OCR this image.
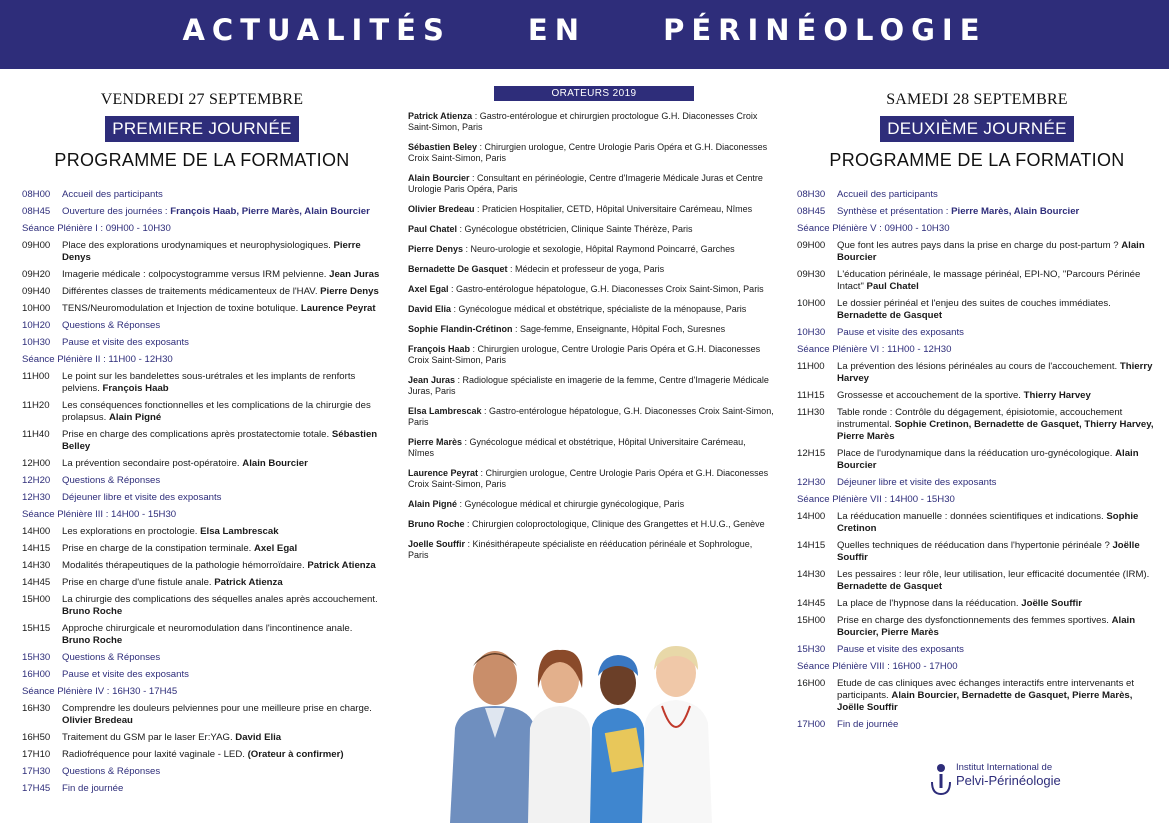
ACTUALITÉS EN PÉRINÉOLOGIE
VENDREDI 27 SEPTEMBRE
PREMIERE JOURNÉE
PROGRAMME DE LA FORMATION
08H00	Accueil des participants
08H45	Ouverture des journées : François Haab, Pierre Marès, Alain Bourcier
Séance Plénière I : 09H00 - 10H30
09H00	Place des explorations urodynamiques et neurophysiologiques. Pierre Denys
09H20	Imagerie médicale : colpocystogramme versus IRM pelvienne. Jean Juras
09H40	Différentes classes de traitements médicamenteux de l'HAV. Pierre Denys
10H00	TENS/Neuromodulation et Injection de toxine botulique. Laurence Peyrat
10H20	Questions & Réponses
10H30	Pause et visite des exposants
Séance Plénière II : 11H00 - 12H30
11H00	Le point sur les bandelettes sous-urétrales et les implants de renforts pelviens. François Haab
11H20	Les conséquences fonctionnelles et les complications de la chirurgie des prolapsus. Alain Pigné
11H40	Prise en charge des complications après prostatectomie totale. Sébastien Belley
12H00	La prévention secondaire post-opératoire. Alain Bourcier
12H20	Questions & Réponses
12H30	Déjeuner libre et visite des exposants
Séance Plénière III : 14H00 - 15H30
14H00	Les explorations en proctologie. Elsa Lambrescak
14H15	Prise en charge de la constipation terminale. Axel Egal
14H30	Modalités thérapeutiques de la pathologie hémorroïdaire. Patrick Atienza
14H45	Prise en charge d'une fistule anale. Patrick Atienza
15H00	La chirurgie des complications des séquelles anales après accouchement. Bruno Roche
15H15	Approche chirurgicale et neuromodulation dans l'incontinence anale. Bruno Roche
15H30	Questions & Réponses
16H00	Pause et visite des exposants
Séance Plénière IV : 16H30 - 17H45
16H30	Comprendre les douleurs pelviennes pour une meilleure prise en charge. Olivier Bredeau
16H50	Traitement du GSM par le laser Er:YAG. David Elia
17H10	Radiofréquence pour laxité vaginale - LED. (Orateur à confirmer)
17H30	Questions & Réponses
17H45	Fin de journée
ORATEURS 2019
Patrick Atienza : Gastro-entérologue et chirurgien proctologue G.H. Diaconesses Croix Saint-Simon, Paris
Sébastien Beley : Chirurgien urologue, Centre Urologie Paris Opéra et G.H. Diaconesses Croix Saint-Simon, Paris
Alain Bourcier : Consultant en périnéologie, Centre d'Imagerie Médicale Juras et Centre Urologie Paris Opéra, Paris
Olivier Bredeau : Praticien Hospitalier, CETD, Hôpital Universitaire Carémeau, Nîmes
Paul Chatel : Gynécologue obstétricien, Clinique Sainte Thérèze, Paris
Pierre Denys : Neuro-urologie et sexologie, Hôpital Raymond Poincarré, Garches
Bernadette De Gasquet : Médecin et professeur de yoga, Paris
Axel Egal : Gastro-entérologue hépatologue, G.H. Diaconesses Croix Saint-Simon, Paris
David Elia : Gynécologue médical et obstétrique, spécialiste de la ménopause, Paris
Sophie Flandin-Crétinon : Sage-femme, Enseignante, Hôpital Foch, Suresnes
François Haab : Chirurgien urologue, Centre Urologie Paris Opéra et G.H. Diaconesses Croix Saint-Simon, Paris
Jean Juras : Radiologue spécialiste en imagerie de la femme, Centre d'Imagerie Médicale Juras, Paris
Elsa Lambrescak : Gastro-entérologue hépatologue, G.H. Diaconesses Croix Saint-Simon, Paris
Pierre Marès : Gynécologue médical et obstétrique, Hôpital Universitaire Carémeau, Nîmes
Laurence Peyrat : Chirurgien urologue, Centre Urologie Paris Opéra et G.H. Diaconesses Croix Saint-Simon, Paris
Alain Pigné : Gynécologue médical et chirurgie gynécologique, Paris
Bruno Roche : Chirurgien coloproctologique, Clinique des Grangettes et H.U.G., Genève
Joelle Souffir : Kinésithérapeute spécialiste en rééducation périnéale et Sophrologue, Paris
SAMEDI 28 SEPTEMBRE
DEUXIÈME JOURNÉE
PROGRAMME DE LA FORMATION
08H30	Accueil des participants
08H45	Synthèse et présentation : Pierre Marès, Alain Bourcier
Séance Plénière V : 09H00 - 10H30
09H00	Que font les autres pays dans la prise en charge du post-partum ? Alain Bourcier
09H30	L'éducation périnéale, le massage périnéal, EPI-NO, "Parcours Périnée Intact" Paul Chatel
10H00	Le dossier périnéal et l'enjeu des suites de couches immédiates. Bernadette de Gasquet
10H30	Pause et visite des exposants
Séance Plénière VI : 11H00 - 12H30
11H00	La prévention des lésions périnéales au cours de l'accouchement. Thierry Harvey
11H15	Grossesse et accouchement de la sportive. Thierry Harvey
11H30	Table ronde : Contrôle du dégagement, épisiotomie, accouchement instrumental. Sophie Cretinon, Bernadette de Gasquet, Thierry Harvey, Pierre Marès
12H15	Place de l'urodynamique dans la rééducation uro-gynécologique. Alain Bourcier
12H30	Déjeuner libre et visite des exposants
Séance Plénière VII : 14H00 - 15H30
14H00	La rééducation manuelle : données scientifiques et indications. Sophie Cretinon
14H15	Quelles techniques de rééducation dans l'hypertonie périnéale ? Joëlle Souffir
14H30	Les pessaires : leur rôle, leur utilisation, leur efficacité documentée (IRM). Bernadette de Gasquet
14H45	La place de l'hypnose dans la rééducation. Joëlle Souffir
15H00	Prise en charge des dysfonctionnements des femmes sportives. Alain Bourcier, Pierre Marès
15H30	Pause et visite des exposants
Séance Plénière VIII : 16H00 - 17H00
16H00	Etude de cas cliniques avec échanges interactifs entre intervenants et participants. Alain Bourcier, Bernadette de Gasquet, Pierre Marès, Joëlle Souffir
17H00	Fin de journée
Institut International de
Pelvi-Périnéologie
